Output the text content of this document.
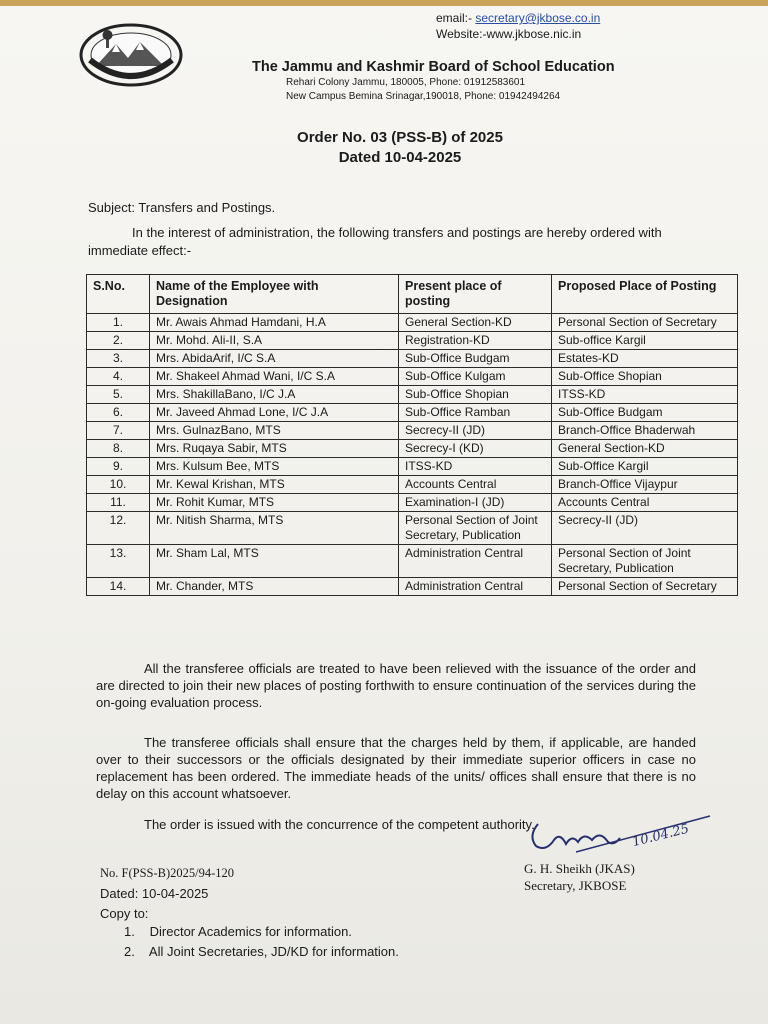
email:- secretary@jkbose.co.in
Website:-www.jkbose.nic.in
The Jammu and Kashmir Board of School Education
Rehari Colony Jammu, 180005, Phone: 01912583601
New Campus Bemina Srinagar,190018, Phone: 01942494264
Order No. 03 (PSS-B) of 2025
Dated 10-04-2025
Subject: Transfers and Postings.
In the interest of administration, the following transfers and postings are hereby ordered with immediate effect:-
S.No.	Name of the Employee with Designation	Present place of posting	Proposed Place of Posting
1.	Mr. Awais Ahmad Hamdani, H.A	General Section-KD	Personal Section of Secretary
2.	Mr. Mohd. Ali-II, S.A	Registration-KD	Sub-office Kargil
3.	Mrs. AbidaArif, I/C S.A	Sub-Office Budgam	Estates-KD
4.	Mr. Shakeel Ahmad Wani, I/C S.A	Sub-Office Kulgam	Sub-Office Shopian
5.	Mrs. ShakillaBano, I/C J.A	Sub-Office Shopian	ITSS-KD
6.	Mr. Javeed Ahmad Lone, I/C J.A	Sub-Office Ramban	Sub-Office Budgam
7.	Mrs. GulnazBano, MTS	Secrecy-II (JD)	Branch-Office Bhaderwah
8.	Mrs. Ruqaya Sabir, MTS	Secrecy-I (KD)	General Section-KD
9.	Mrs. Kulsum Bee, MTS	ITSS-KD	Sub-Office Kargil
10.	Mr. Kewal Krishan, MTS	Accounts Central	Branch-Office Vijaypur
11.	Mr. Rohit Kumar, MTS	Examination-I (JD)	Accounts Central
12.	Mr. Nitish Sharma, MTS	Personal Section of Joint Secretary, Publication	Secrecy-II (JD)
13.	Mr. Sham Lal, MTS	Administration Central	Personal Section of Joint Secretary, Publication
14.	Mr. Chander, MTS	Administration Central	Personal Section of Secretary
All the transferee officials are treated to have been relieved with the issuance of the order and are directed to join their new places of posting forthwith to ensure continuation of the services during the on-going evaluation process.
The transferee officials shall ensure that the charges held by them, if applicable, are handed over to their successors or the officials designated by their immediate superior officers in case no replacement has been ordered. The immediate heads of the units/ offices shall ensure that there is no delay on this account whatsoever.
The order is issued with the concurrence of the competent authority.	10.04.25
G. H. Sheikh (JKAS)
Secretary, JKBOSE
No. F(PSS-B)2025/94-120
Dated: 10-04-2025
Copy to:
1. Director Academics for information.
2. All Joint Secretaries, JD/KD for information.
